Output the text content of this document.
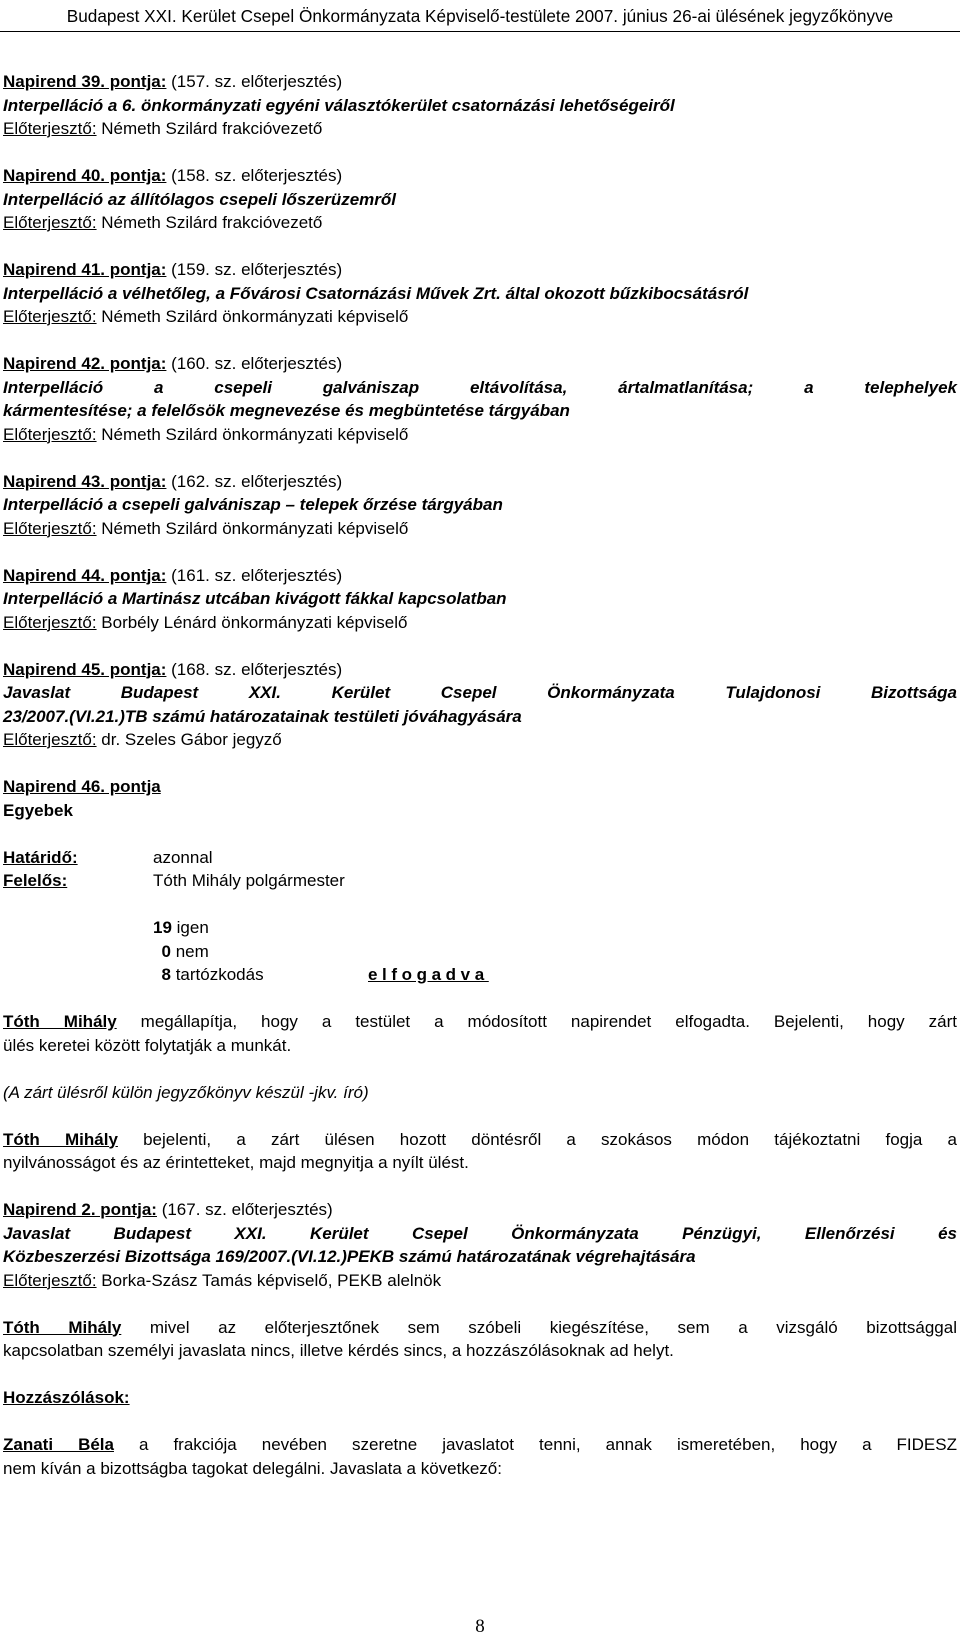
Budapest XXI. Kerület Csepel Önkormányzata Képviselő-testülete 2007. június 26-ai ülésének jegyzőkönyve
Napirend 39. pontja: (157. sz. előterjesztés)
Interpelláció a 6. önkormányzati egyéni választókerület csatornázási lehetőségeiről
Előterjesztő: Németh Szilárd frakcióvezető
Napirend 40. pontja: (158. sz. előterjesztés)
Interpelláció az állítólagos csepeli lőszerüzemről
Előterjesztő: Németh Szilárd frakcióvezető
Napirend 41. pontja: (159. sz. előterjesztés)
Interpelláció a vélhetőleg, a Fővárosi Csatornázási Művek Zrt. által okozott bűzkibocsátásról
Előterjesztő: Németh Szilárd önkormányzati képviselő
Napirend 42. pontja: (160. sz. előterjesztés)
Interpelláció a csepeli galvániszap eltávolítása, ártalmatlanítása; a telephelyek
kármentesítése; a felelősök megnevezése és megbüntetése tárgyában
Előterjesztő: Németh Szilárd önkormányzati képviselő
Napirend 43. pontja: (162. sz. előterjesztés)
Interpelláció a csepeli galvániszap – telepek őrzése tárgyában
Előterjesztő: Németh Szilárd önkormányzati képviselő
Napirend 44. pontja: (161. sz. előterjesztés)
Interpelláció a Martinász utcában kivágott fákkal kapcsolatban
Előterjesztő: Borbély Lénárd önkormányzati képviselő
Napirend 45. pontja: (168. sz. előterjesztés)
Javaslat Budapest XXI. Kerület Csepel Önkormányzata Tulajdonosi Bizottsága
23/2007.(VI.21.)TB számú határozatainak testületi jóváhagyására
Előterjesztő: dr. Szeles Gábor jegyző
Napirend 46. pontja
Egyebek
Határidő:	azonnal
Felelős:	Tóth Mihály polgármester
19 igen
 0 nem
 8 tartózkodás	elfogadva
Tóth Mihály megállapítja, hogy a testület a módosított napirendet elfogadta. Bejelenti, hogy zárt
ülés keretei között folytatják a munkát.
(A zárt ülésről külön jegyzőkönyv készül -jkv. író)
Tóth Mihály bejelenti, a zárt ülésen hozott döntésről a szokásos módon tájékoztatni fogja a
nyilvánosságot és az érintetteket, majd megnyitja a nyílt ülést.
Napirend 2. pontja: (167. sz. előterjesztés)
Javaslat Budapest XXI. Kerület Csepel Önkormányzata Pénzügyi, Ellenőrzési és
Közbeszerzési Bizottsága 169/2007.(VI.12.)PEKB számú határozatának végrehajtására
Előterjesztő: Borka-Szász Tamás képviselő, PEKB alelnök
Tóth Mihály mivel az előterjesztőnek sem szóbeli kiegészítése, sem a vizsgáló bizottsággal
kapcsolatban személyi javaslata nincs, illetve kérdés sincs, a hozzászólásoknak ad helyt.
Hozzászólások:
Zanati Béla a frakciója nevében szeretne javaslatot tenni, annak ismeretében, hogy a FIDESZ
nem kíván a bizottságba tagokat delegálni. Javaslata a következő:
8
